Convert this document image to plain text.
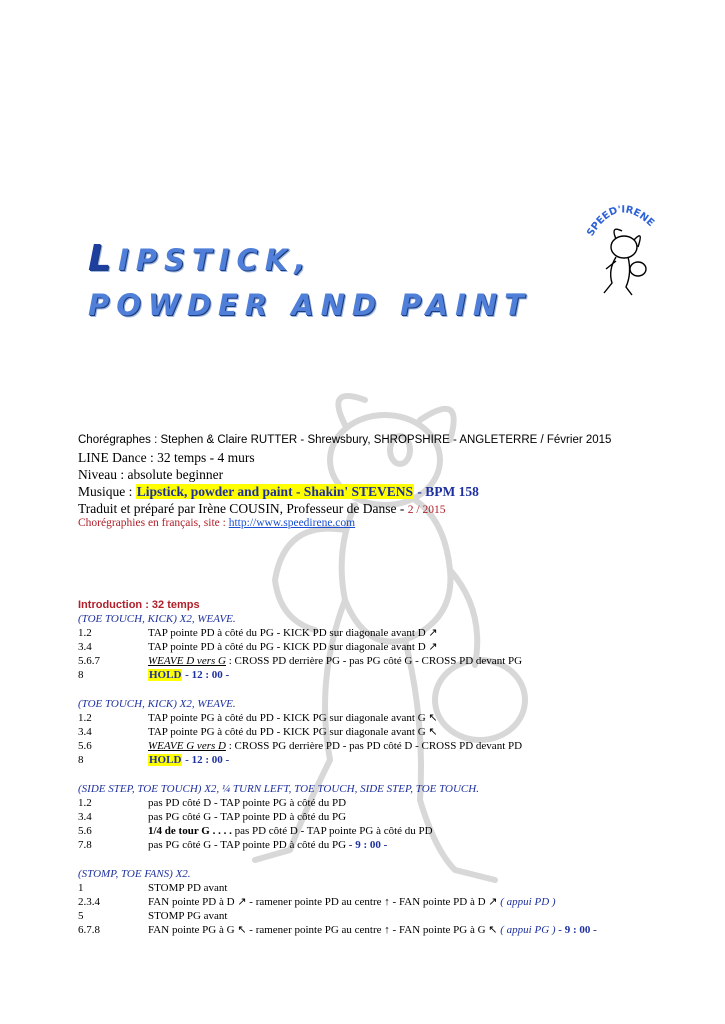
LIPSTICK,
POWDER AND PAINT
SPEED'IRENE
Chorégraphes : Stephen & Claire RUTTER - Shrewsbury, SHROPSHIRE - ANGLETERRE / Février 2015
LINE Dance : 32 temps - 4 murs
Niveau : absolute beginner
Musique : Lipstick, powder and paint - Shakin' STEVENS - BPM 158
Traduit et préparé par Irène COUSIN, Professeur de Danse - 2 / 2015
Chorégraphies en français, site : http://www.speedirene.com
Introduction : 32 temps
(TOE TOUCH, KICK) X2, WEAVE.
1.2	TAP pointe PD à côté du PG - KICK PD sur diagonale avant D ↗
3.4	TAP pointe PD à côté du PG - KICK PD sur diagonale avant D ↗
5.6.7	WEAVE D vers G : CROSS PD derrière PG - pas PG côté G - CROSS PD devant PG
8	HOLD - 12 : 00 -
(TOE TOUCH, KICK) X2, WEAVE.
1.2	TAP pointe PG à côté du PD - KICK PG sur diagonale avant G ↖
3.4	TAP pointe PG à côté du PD - KICK PG sur diagonale avant G ↖
5.6	WEAVE G vers D : CROSS PG derrière PD - pas PD côté D - CROSS PD devant PD
8	HOLD - 12 : 00 -
(SIDE STEP, TOE TOUCH) X2, ¼ TURN LEFT, TOE TOUCH, SIDE STEP, TOE TOUCH.
1.2	pas PD côté D - TAP pointe PG à côté du PD
3.4	pas PG côté G - TAP pointe PD à côté du PG
5.6	1/4 de tour G . . . . pas PD côté D - TAP pointe PG à côté du PD
7.8	pas PG côté G - TAP pointe PD à côté du PG - 9 : 00 -
(STOMP, TOE FANS) X2.
1	STOMP PD avant
2.3.4	FAN pointe PD à D ↗ - ramener pointe PD au centre ↑ - FAN pointe PD à D ↗ ( appui PD )
5	STOMP PG avant
6.7.8	FAN pointe PG à G ↖ - ramener pointe PG au centre ↑ - FAN pointe PG à G ↖ ( appui PG ) - 9 : 00 -
